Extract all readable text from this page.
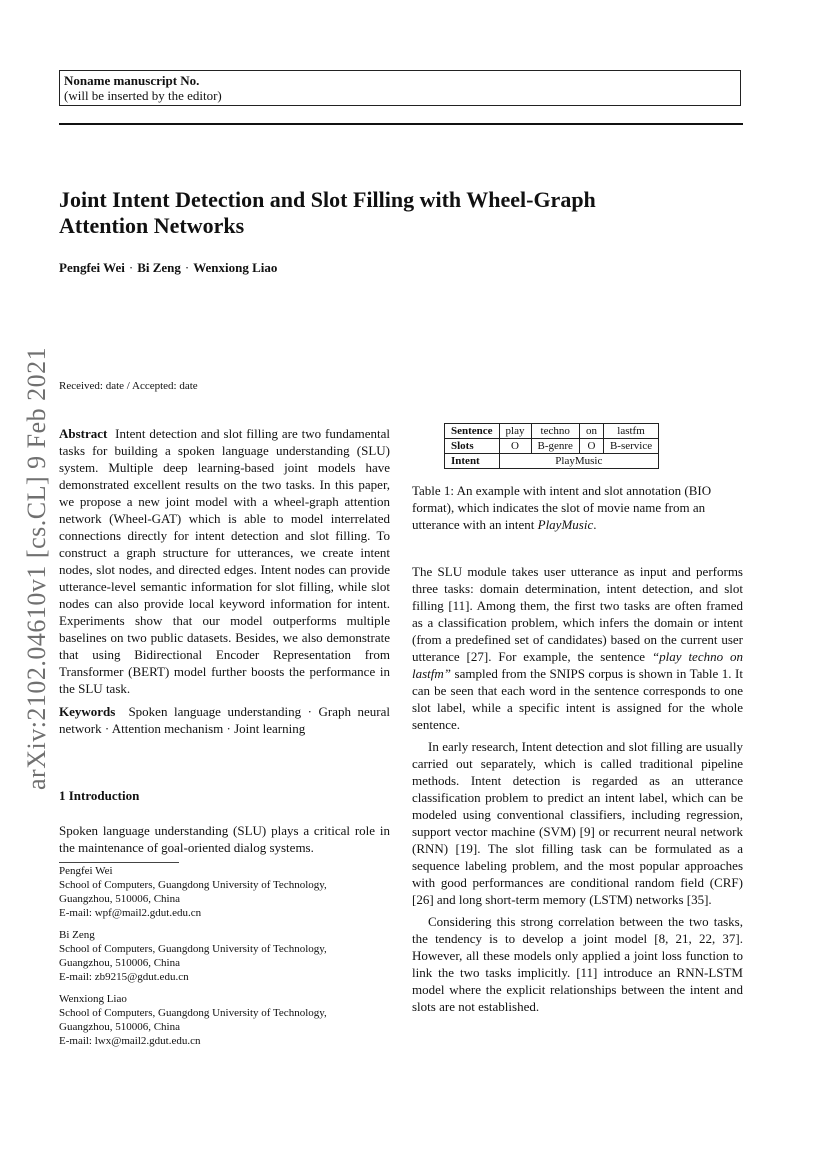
Noname manuscript No.
(will be inserted by the editor)
Joint Intent Detection and Slot Filling with Wheel-Graph
Attention Networks
Pengfei Wei · Bi Zeng · Wenxiong Liao
arXiv:2102.04610v1 [cs.CL] 9 Feb 2021 Received: date / Accepted: date

Abstract Intent detection and slot filling are two fundamental tasks for building a spoken language understanding (SLU) system. Multiple deep learning-based joint models have demonstrated excellent results on the two tasks. In this paper, we propose a new joint model with a wheel-graph attention network (Wheel-GAT) which is able to model interrelated connections directly for intent detection and slot filling. To construct a graph structure for utterances, we create intent nodes, slot nodes, and directed edges. Intent nodes can provide utterance-level semantic information for slot filling, while slot nodes can also provide local keyword information for intent. Experiments show that our model outperforms multiple baselines on two public datasets. Besides, we also demonstrate that using Bidirectional Encoder Representation from Transformer (BERT) model further boosts the performance in the SLU task.

Keywords Spoken language understanding · Graph neural network · Attention mechanism · Joint learning

1 Introduction

Spoken language understanding (SLU) plays a critical role in the maintenance of goal-oriented dialog systems.

Pengfei Wei
School of Computers, Guangdong University of Technology,
Guangzhou, 510006, China
E-mail: wpf@mail2.gdut.edu.cn
Bi Zeng
School of Computers, Guangdong University of Technology,
Guangzhou, 510006, China
E-mail: zb9215@gdut.edu.cn
Wenxiong Liao
School of Computers, Guangdong University of Technology,
Guangzhou, 510006, China
E-mail: lwx@mail2.gdut.edu.cn
Sentence	play	techno	on	lastfm
Slots	O	B-genre	O	B-service
Intent	PlayMusic			

Table 1: An example with intent and slot annotation (BIO format), which indicates the slot of movie name from an utterance with an intent PlayMusic.

The SLU module takes user utterance as input and performs three tasks: domain determination, intent detection, and slot filling [11]. Among them, the first two tasks are often framed as a classification problem, which infers the domain or intent (from a predefined set of candidates) based on the current user utterance [27]. For example, the sentence “play techno on lastfm” sampled from the SNIPS corpus is shown in Table 1. It can be seen that each word in the sentence corresponds to one slot label, while a specific intent is assigned for the whole sentence.

In early research, Intent detection and slot filling are usually carried out separately, which is called traditional pipeline methods. Intent detection is regarded as an utterance classification problem to predict an intent label, which can be modeled using conventional classifiers, including regression, support vector machine (SVM) [9] or recurrent neural network (RNN) [19]. The slot filling task can be formulated as a sequence labeling problem, and the most popular approaches with good performances are conditional random field (CRF) [26] and long short-term memory (LSTM) networks [35].

Considering this strong correlation between the two tasks, the tendency is to develop a joint model [8, 21, 22, 37]. However, all these models only applied a joint loss function to link the two tasks implicitly. [11] introduce an RNN-LSTM model where the explicit relationships between the intent and slots are not established.
